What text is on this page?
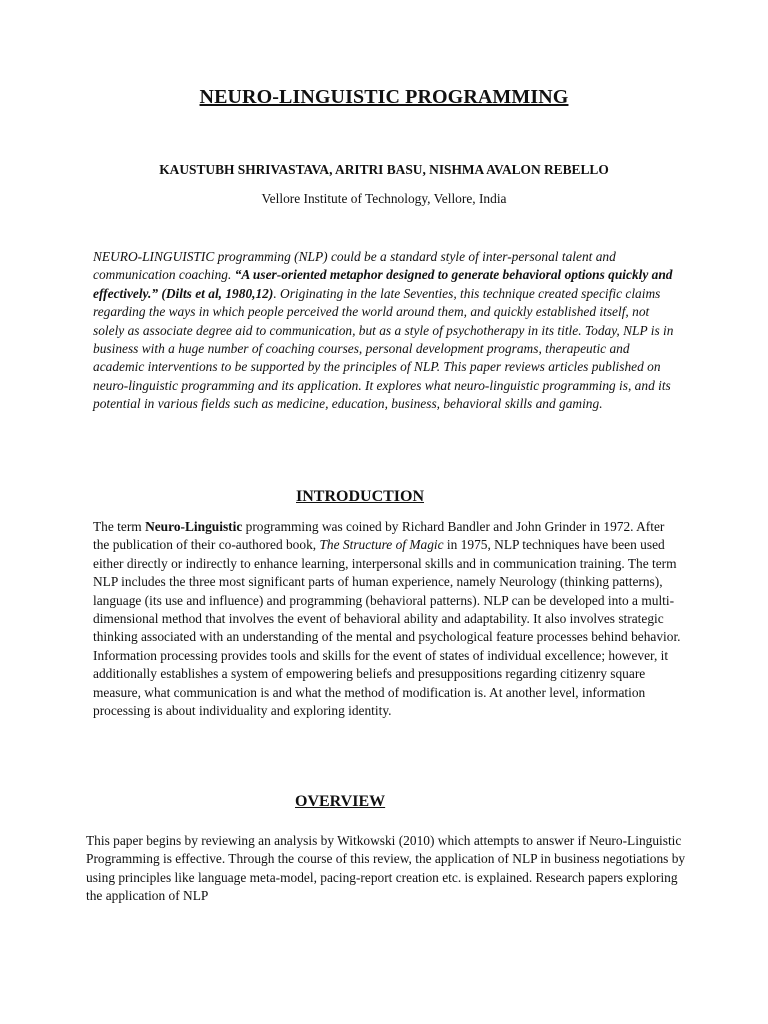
NEURO-LINGUISTIC PROGRAMMING

KAUSTUBH SHRIVASTAVA, ARITRI BASU, NISHMA AVALON REBELLO

Vellore Institute of Technology, Vellore, India

NEURO-LINGUISTIC programming (NLP) could be a standard style of inter-personal talent and communication coaching. “A user-oriented metaphor designed to generate behavioral options quickly and effectively.” (Dilts et al, 1980,12). Originating in the late Seventies, this technique created specific claims regarding the ways in which people perceived the world around them, and quickly established itself, not solely as associate degree aid to communication, but as a style of psychotherapy in its title. Today, NLP is in business with a huge number of coaching courses, personal development programs, therapeutic and academic interventions to be supported by the principles of NLP. This paper reviews articles published on neuro-linguistic programming and its application. It explores what neuro-linguistic programming is, and its potential in various fields such as medicine, education, business, behavioral skills and gaming.

INTRODUCTION

The term Neuro-Linguistic programming was coined by Richard Bandler and John Grinder in 1972. After the publication of their co-authored book, The Structure of Magic in 1975, NLP techniques have been used either directly or indirectly to enhance learning, interpersonal skills and in communication training. The term NLP includes the three most significant parts of human experience, namely Neurology (thinking patterns), language (its use and influence) and programming (behavioral patterns). NLP can be developed into a multi-dimensional method that involves the event of behavioral ability and adaptability. It also involves strategic thinking associated with an understanding of the mental and psychological feature processes behind behavior. Information processing provides tools and skills for the event of states of individual excellence; however, it additionally establishes a system of empowering beliefs and presuppositions regarding citizenry square measure, what communication is and what the method of modification is. At another level, information processing is about individuality and exploring identity.

OVERVIEW

This paper begins by reviewing an analysis by Witkowski (2010) which attempts to answer if Neuro-Linguistic Programming is effective. Through the course of this review, the application of NLP in business negotiations by using principles like language meta-model, pacing-report creation etc. is explained. Research papers exploring the application of NLP
